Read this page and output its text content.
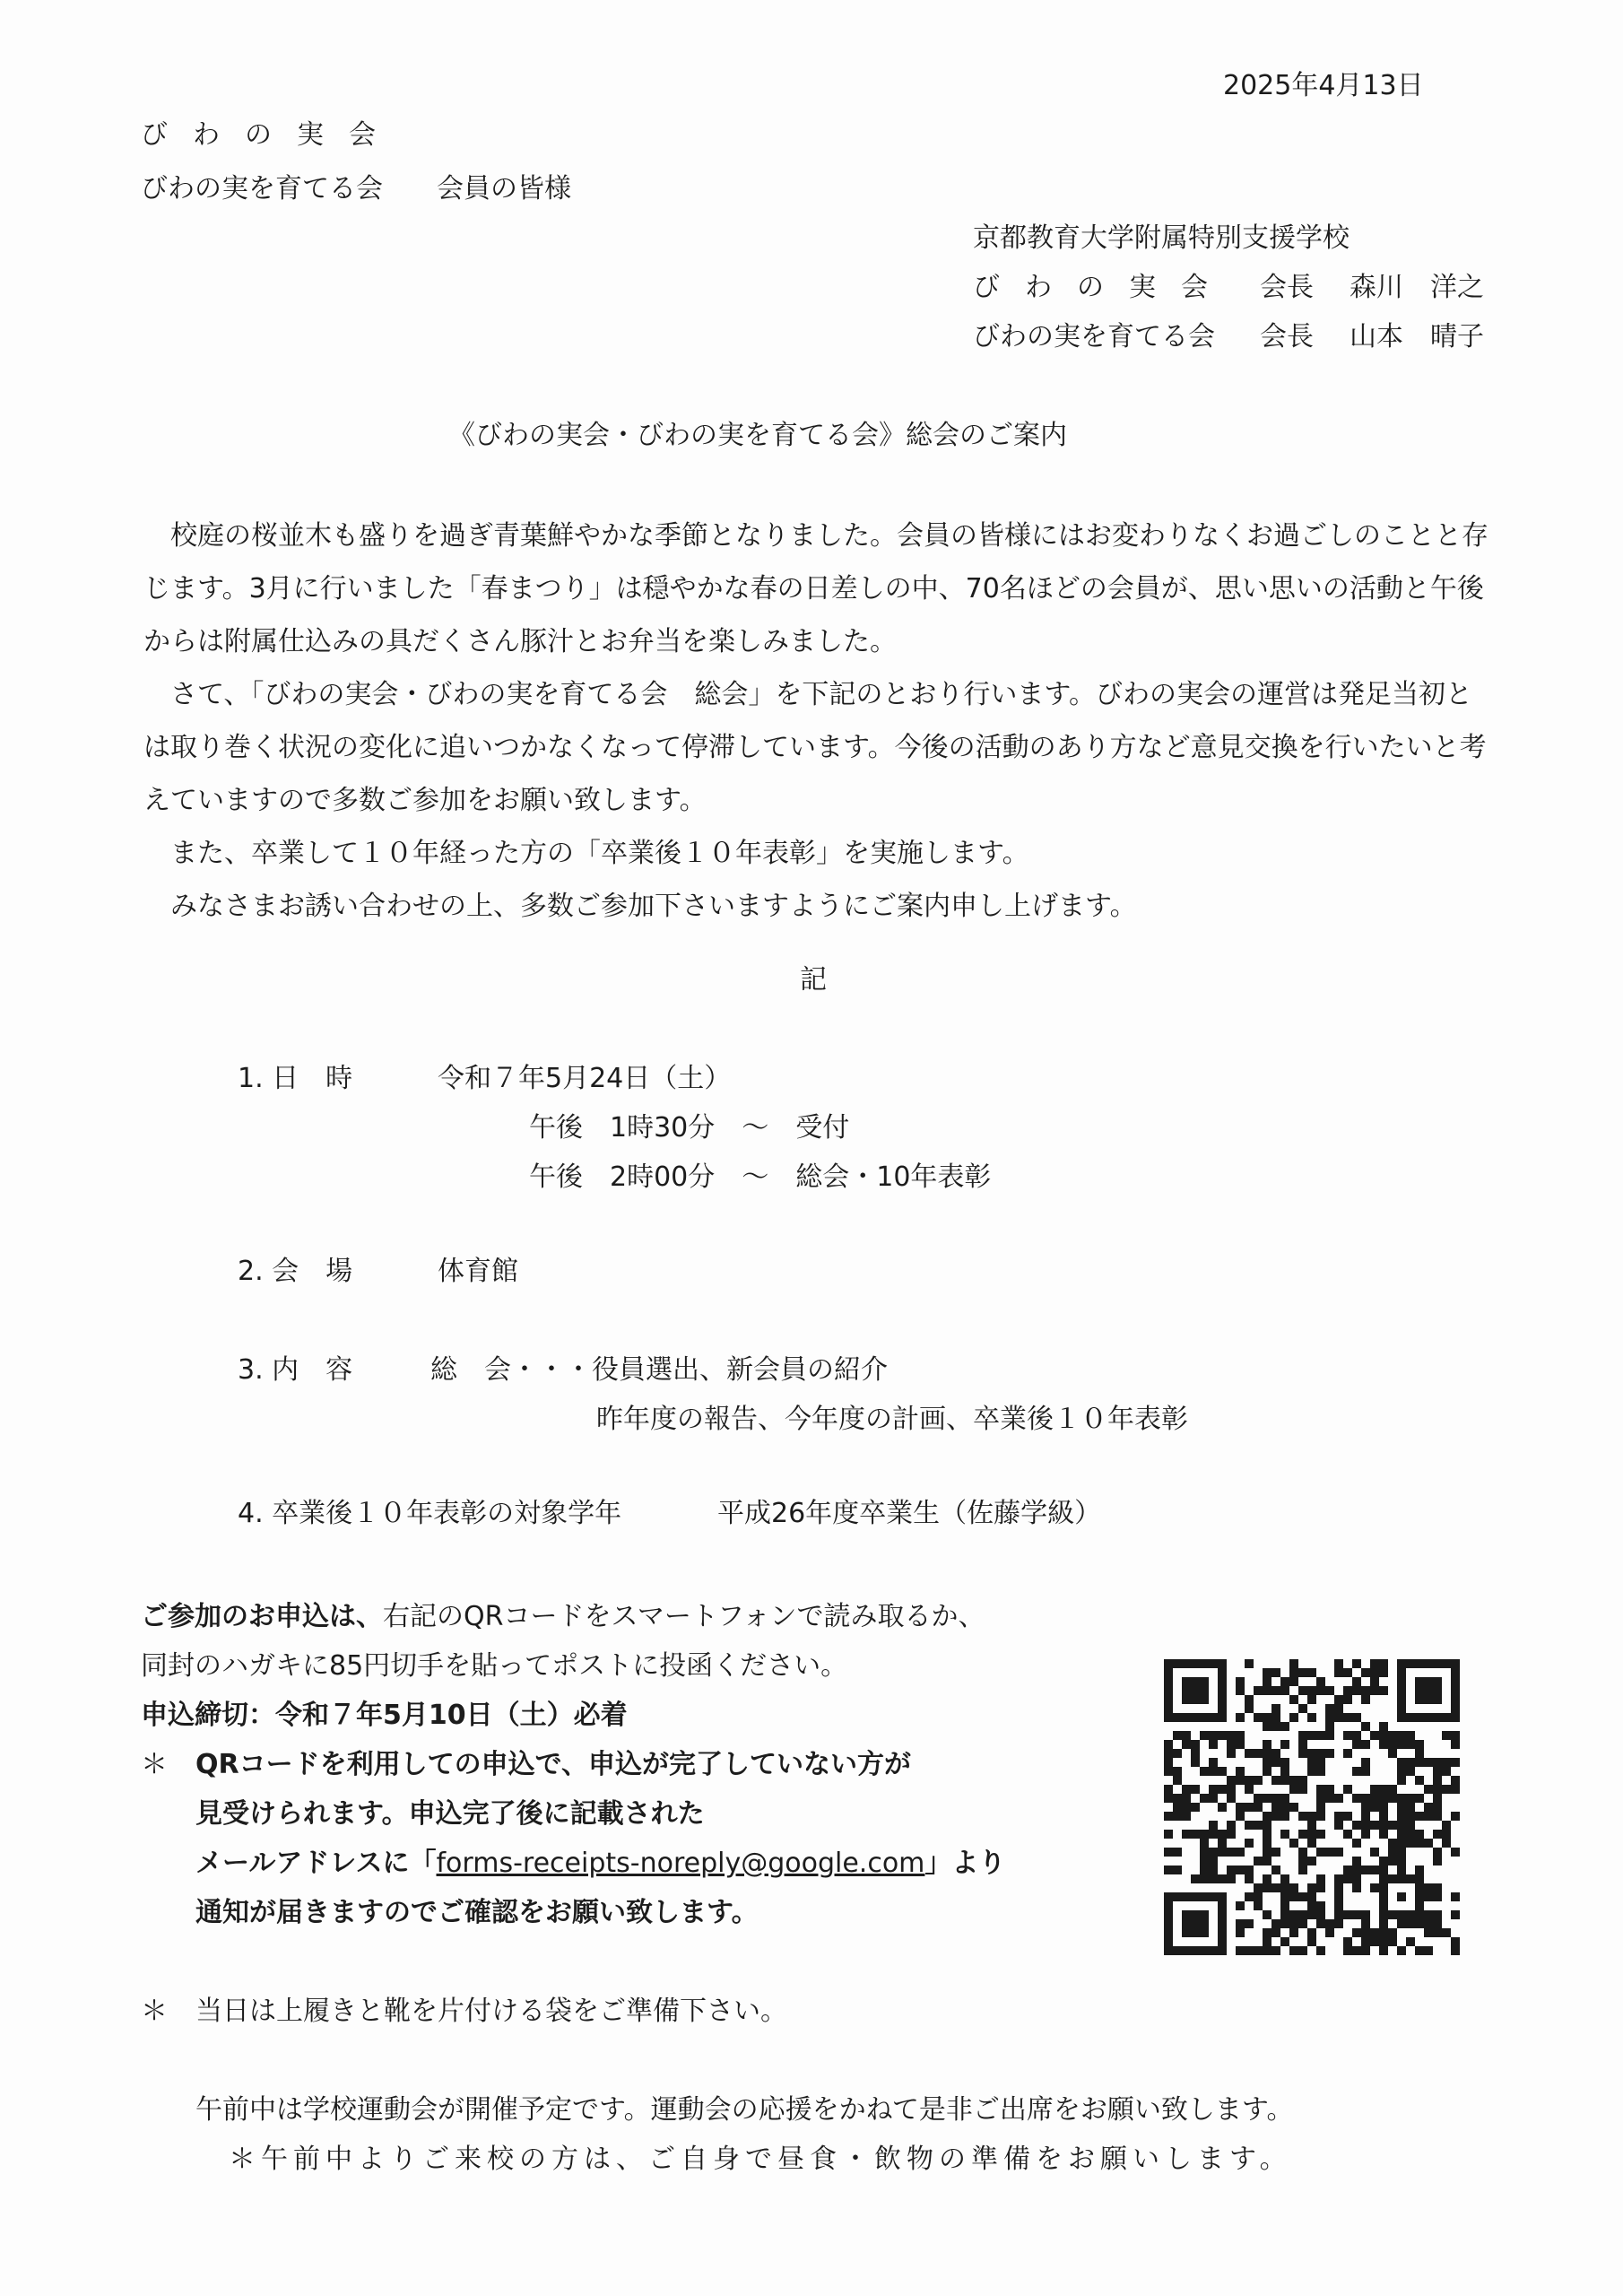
2025年4月13日
びわの実会
びわの実を育てる会　　会員の皆様
京都教育大学附属特別支援学校
びわの実会 会長 森川　洋之
びわの実を育てる会 会長 山本　晴子
《びわの実会・びわの実を育てる会》総会のご案内
校庭の桜並木も盛りを過ぎ青葉鮮やかな季節となりました。会員の皆様にはお変わりなくお過ごしのことと存じます。3月に行いました「春まつり」は穏やかな春の日差しの中、70名ほどの会員が、思い思いの活動と午後からは附属仕込みの具だくさん豚汁とお弁当を楽しみました。
さて、「びわの実会・びわの実を育てる会　総会」を下記のとおり行います。びわの実会の運営は発足当初とは取り巻く状況の変化に追いつかなくなって停滞しています。今後の活動のあり方など意見交換を行いたいと考えていますので多数ご参加をお願い致します。
また、卒業して１０年経った方の「卒業後１０年表彰」を実施します。
みなさまお誘い合わせの上、多数ご参加下さいますようにご案内申し上げます。
記
1. 日　時	令和７年5月24日（土）
午後　1時30分　～　受付
午後　2時00分　～　総会・10年表彰
2. 会　場	体育館
3. 内　容	総　会・・・役員選出、新会員の紹介
昨年度の報告、今年度の計画、卒業後１０年表彰
4. 卒業後１０年表彰の対象学年	平成26年度卒業生（佐藤学級）
ご参加のお申込は、右記のQRコードをスマートフォンで読み取るか、
同封のハガキに85円切手を貼ってポストに投函ください。
申込締切：令和７年5月10日（土）必着
＊ QRコードを利用しての申込で、申込が完了していない方が
見受けられます。申込完了後に記載された
メールアドレスに「forms-receipts-noreply@google.com」より
通知が届きますのでご確認をお願い致します。
＊ 当日は上履きと靴を片付ける袋をご準備下さい。
午前中は学校運動会が開催予定です。運動会の応援をかねて是非ご出席をお願い致します。
＊午前中よりご来校の方は、ご自身で昼食・飲物の準備をお願いします。
